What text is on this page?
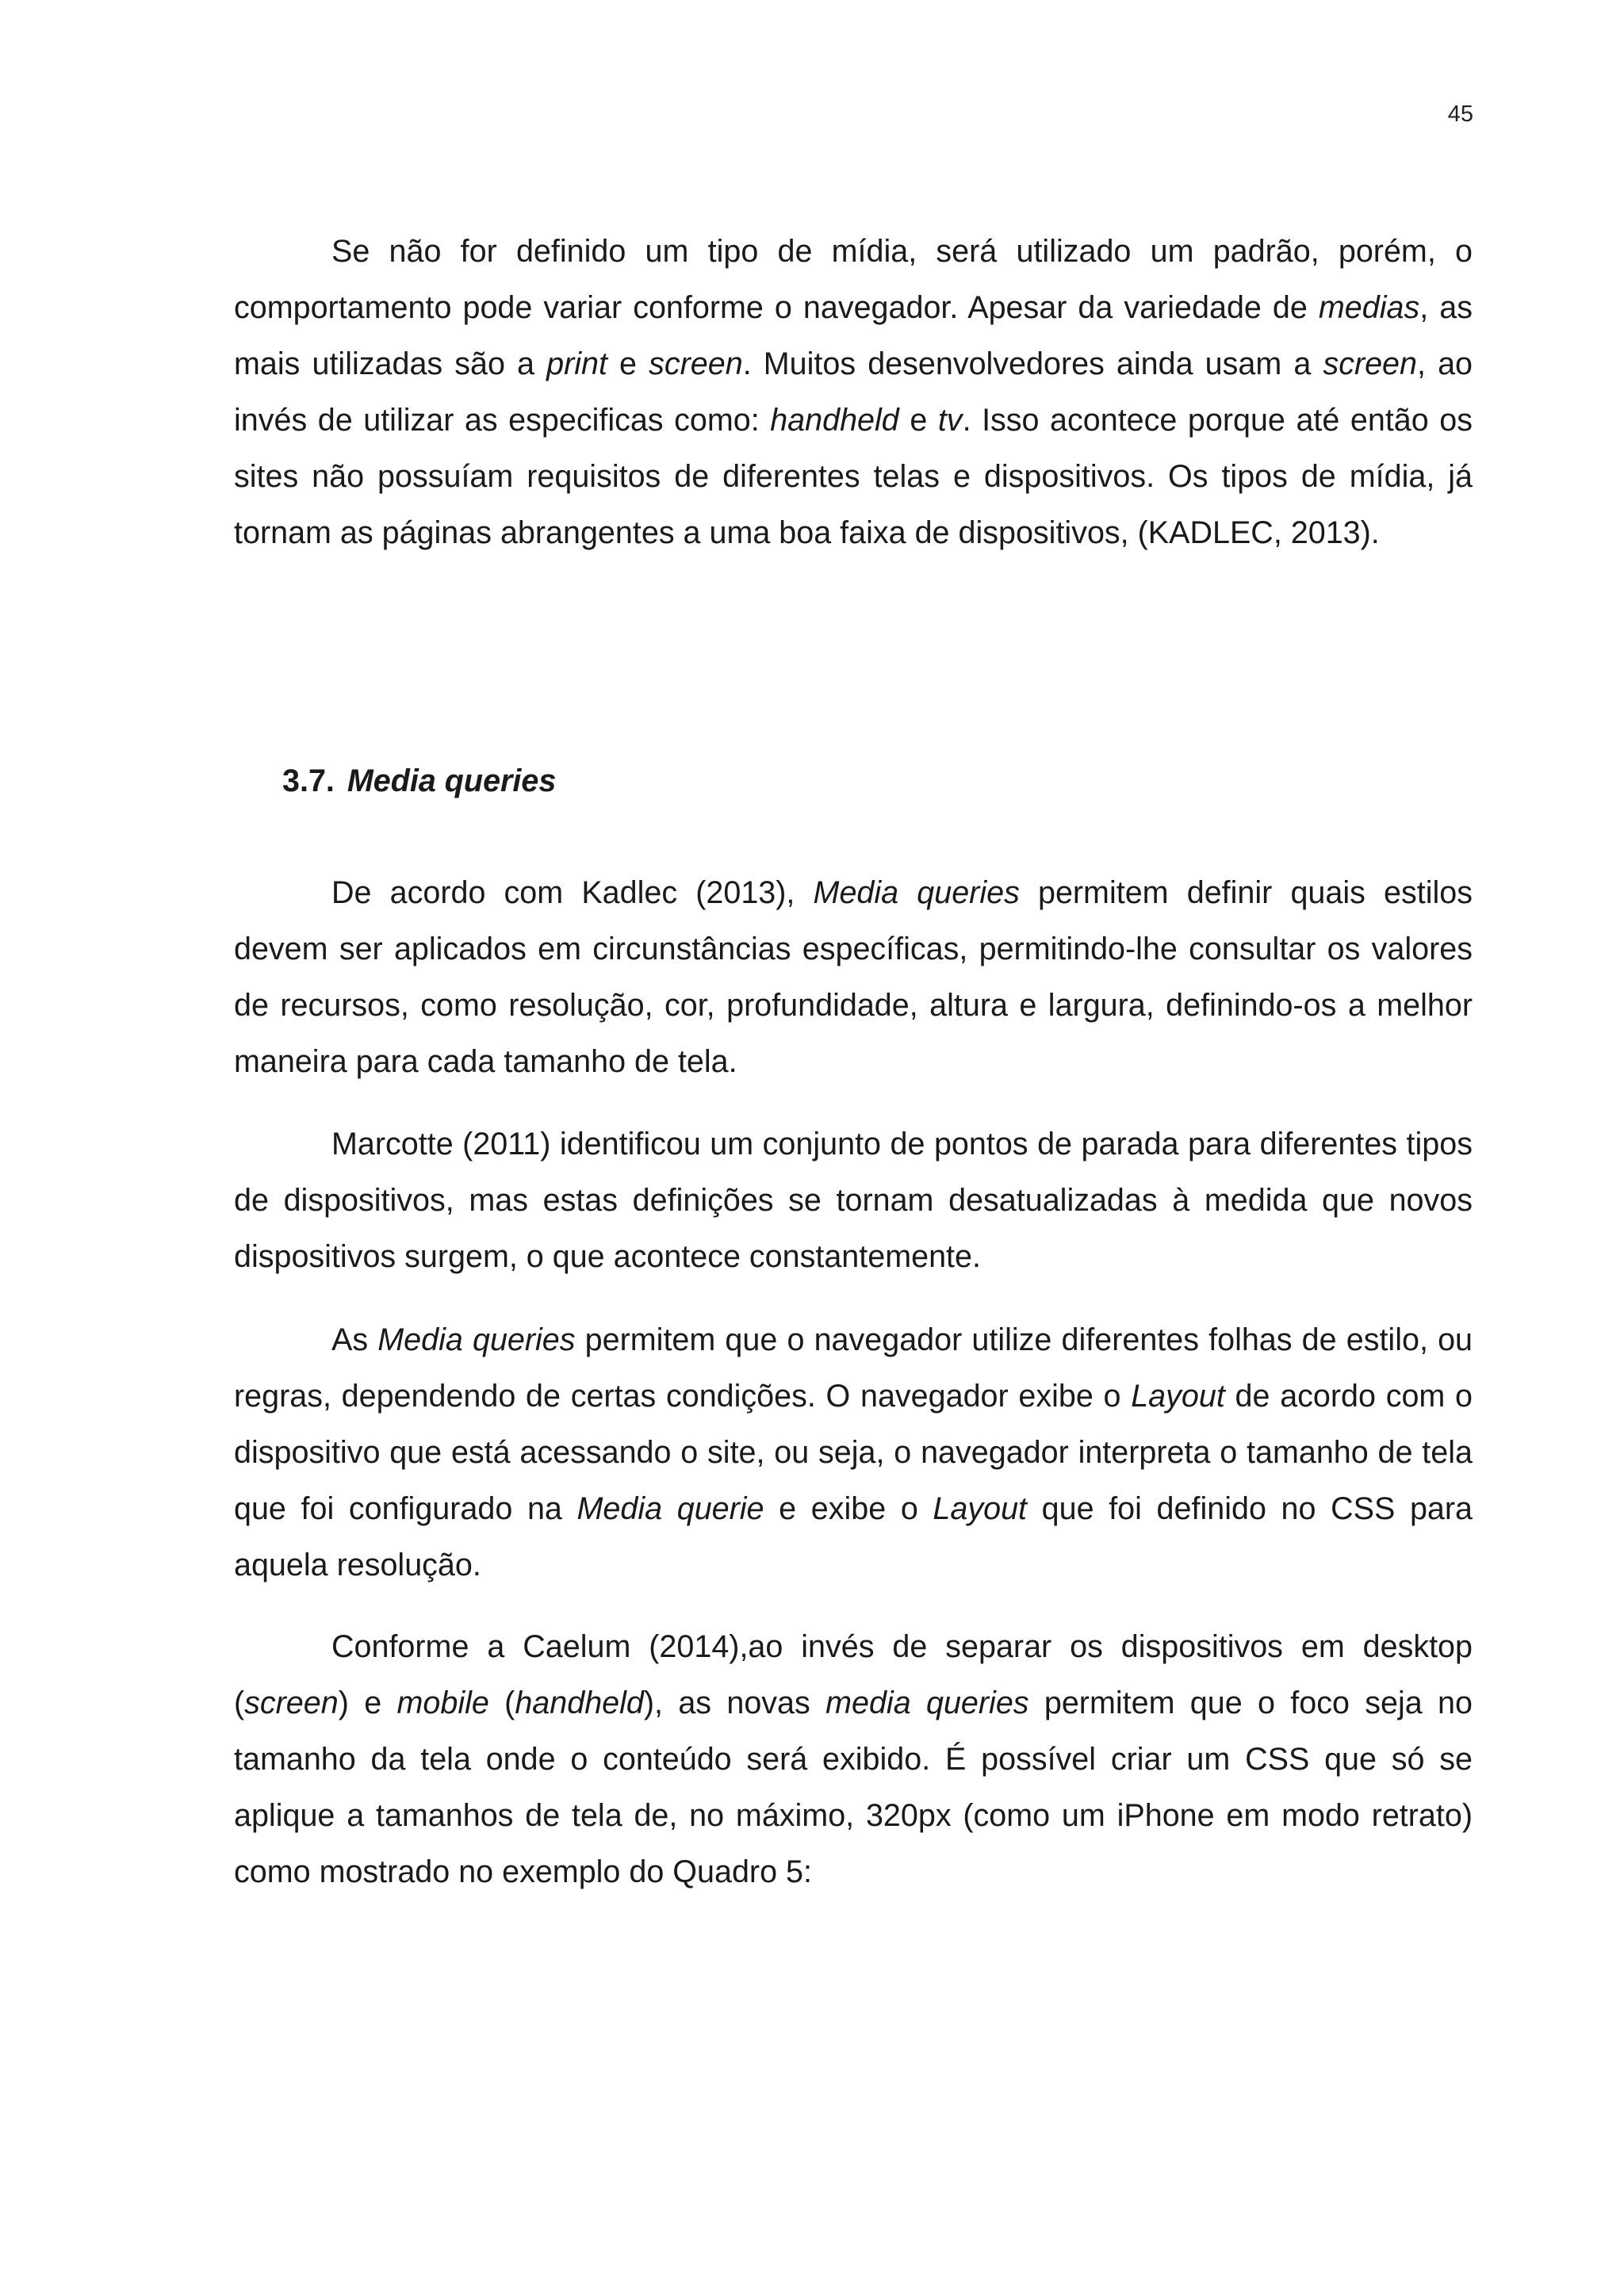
45

Se não for definido um tipo de mídia, será utilizado um padrão, porém, o comportamento pode variar conforme o navegador. Apesar da variedade de medias, as mais utilizadas são a print e screen. Muitos desenvolvedores ainda usam a screen, ao invés de utilizar as especificas como: handheld e tv. Isso acontece porque até então os sites não possuíam requisitos de diferentes telas e dispositivos. Os tipos de mídia, já tornam as páginas abrangentes a uma boa faixa de dispositivos, (KADLEC, 2013).

3.7. Media queries

De acordo com Kadlec (2013), Media queries permitem definir quais estilos devem ser aplicados em circunstâncias específicas, permitindo-lhe consultar os valores de recursos, como resolução, cor, profundidade, altura e largura, definindo-os a melhor maneira para cada tamanho de tela.

Marcotte (2011) identificou um conjunto de pontos de parada para diferentes tipos de dispositivos, mas estas definições se tornam desatualizadas à medida que novos dispositivos surgem, o que acontece constantemente.

As Media queries permitem que o navegador utilize diferentes folhas de estilo, ou regras, dependendo de certas condições. O navegador exibe o Layout de acordo com o dispositivo que está acessando o site, ou seja, o navegador interpreta o tamanho de tela que foi configurado na Media querie e exibe o Layout que foi definido no CSS para aquela resolução.

Conforme a Caelum (2014),ao invés de separar os dispositivos em desktop (screen) e mobile (handheld), as novas media queries permitem que o foco seja no tamanho da tela onde o conteúdo será exibido. É possível criar um CSS que só se aplique a tamanhos de tela de, no máximo, 320px (como um iPhone em modo retrato) como mostrado no exemplo do Quadro 5:
